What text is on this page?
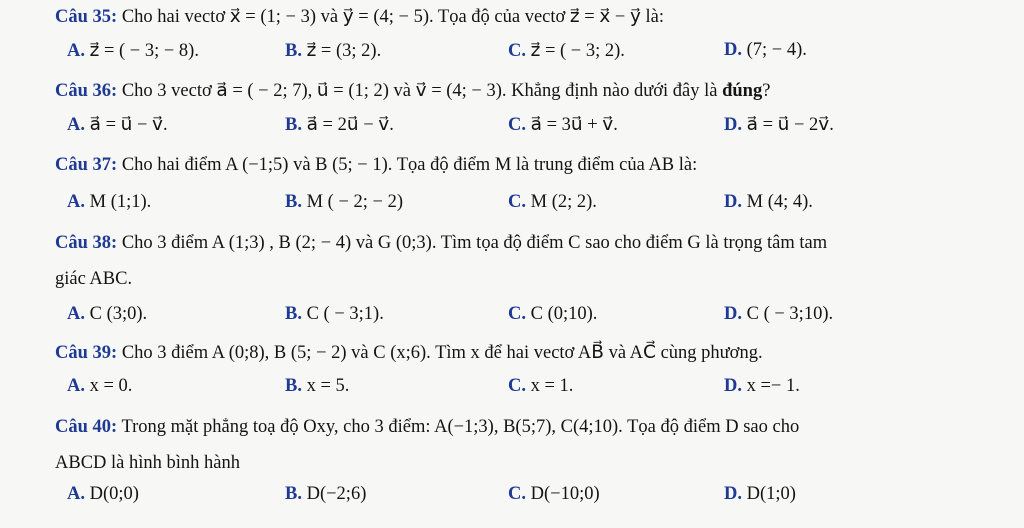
Câu 35: Cho hai vectơ x⃗ = (1; − 3) và y⃗ = (4; − 5). Tọa độ của vectơ z⃗ = x⃗ − y⃗ là:
A. z⃗ = ( − 3; − 8).	B. z⃗ = (3; 2).	C. z⃗ = ( − 3; 2).	D. (7; − 4).
Câu 36: Cho 3 vectơ a⃗ = ( − 2; 7), u⃗ = (1; 2) và v⃗ = (4; − 3). Khẳng định nào dưới đây là đúng?
A. a⃗ = u⃗ − v⃗.	B. a⃗ = 2u⃗ − v⃗.	C. a⃗ = 3u⃗ + v⃗.	D. a⃗ = u⃗ − 2v⃗.
Câu 37: Cho hai điểm A (−1;5) và B (5; − 1). Tọa độ điểm M là trung điểm của AB là:
A. M (1;1).	B. M ( − 2; − 2)	C. M (2; 2).	D. M (4; 4).
Câu 38: Cho 3 điểm A (1;3) , B (2; − 4) và G (0;3). Tìm tọa độ điểm C sao cho điểm G là trọng tâm tam
giác ABC.
A. C (3;0).	B. C ( − 3;1).	C. C (0;10).	D. C ( − 3;10).
Câu 39: Cho 3 điểm A (0;8), B (5; − 2) và C (x;6). Tìm x để hai vectơ AB⃗ và AC⃗ cùng phương.
A. x = 0.	B. x = 5.	C. x = 1.	D. x =− 1.
Câu 40: Trong mặt phẳng toạ độ Oxy, cho 3 điểm: A(−1;3), B(5;7), C(4;10). Tọa độ điểm D sao cho
ABCD là hình bình hành
A. D(0;0)	B. D(−2;6)	C. D(−10;0)	D. D(1;0)
